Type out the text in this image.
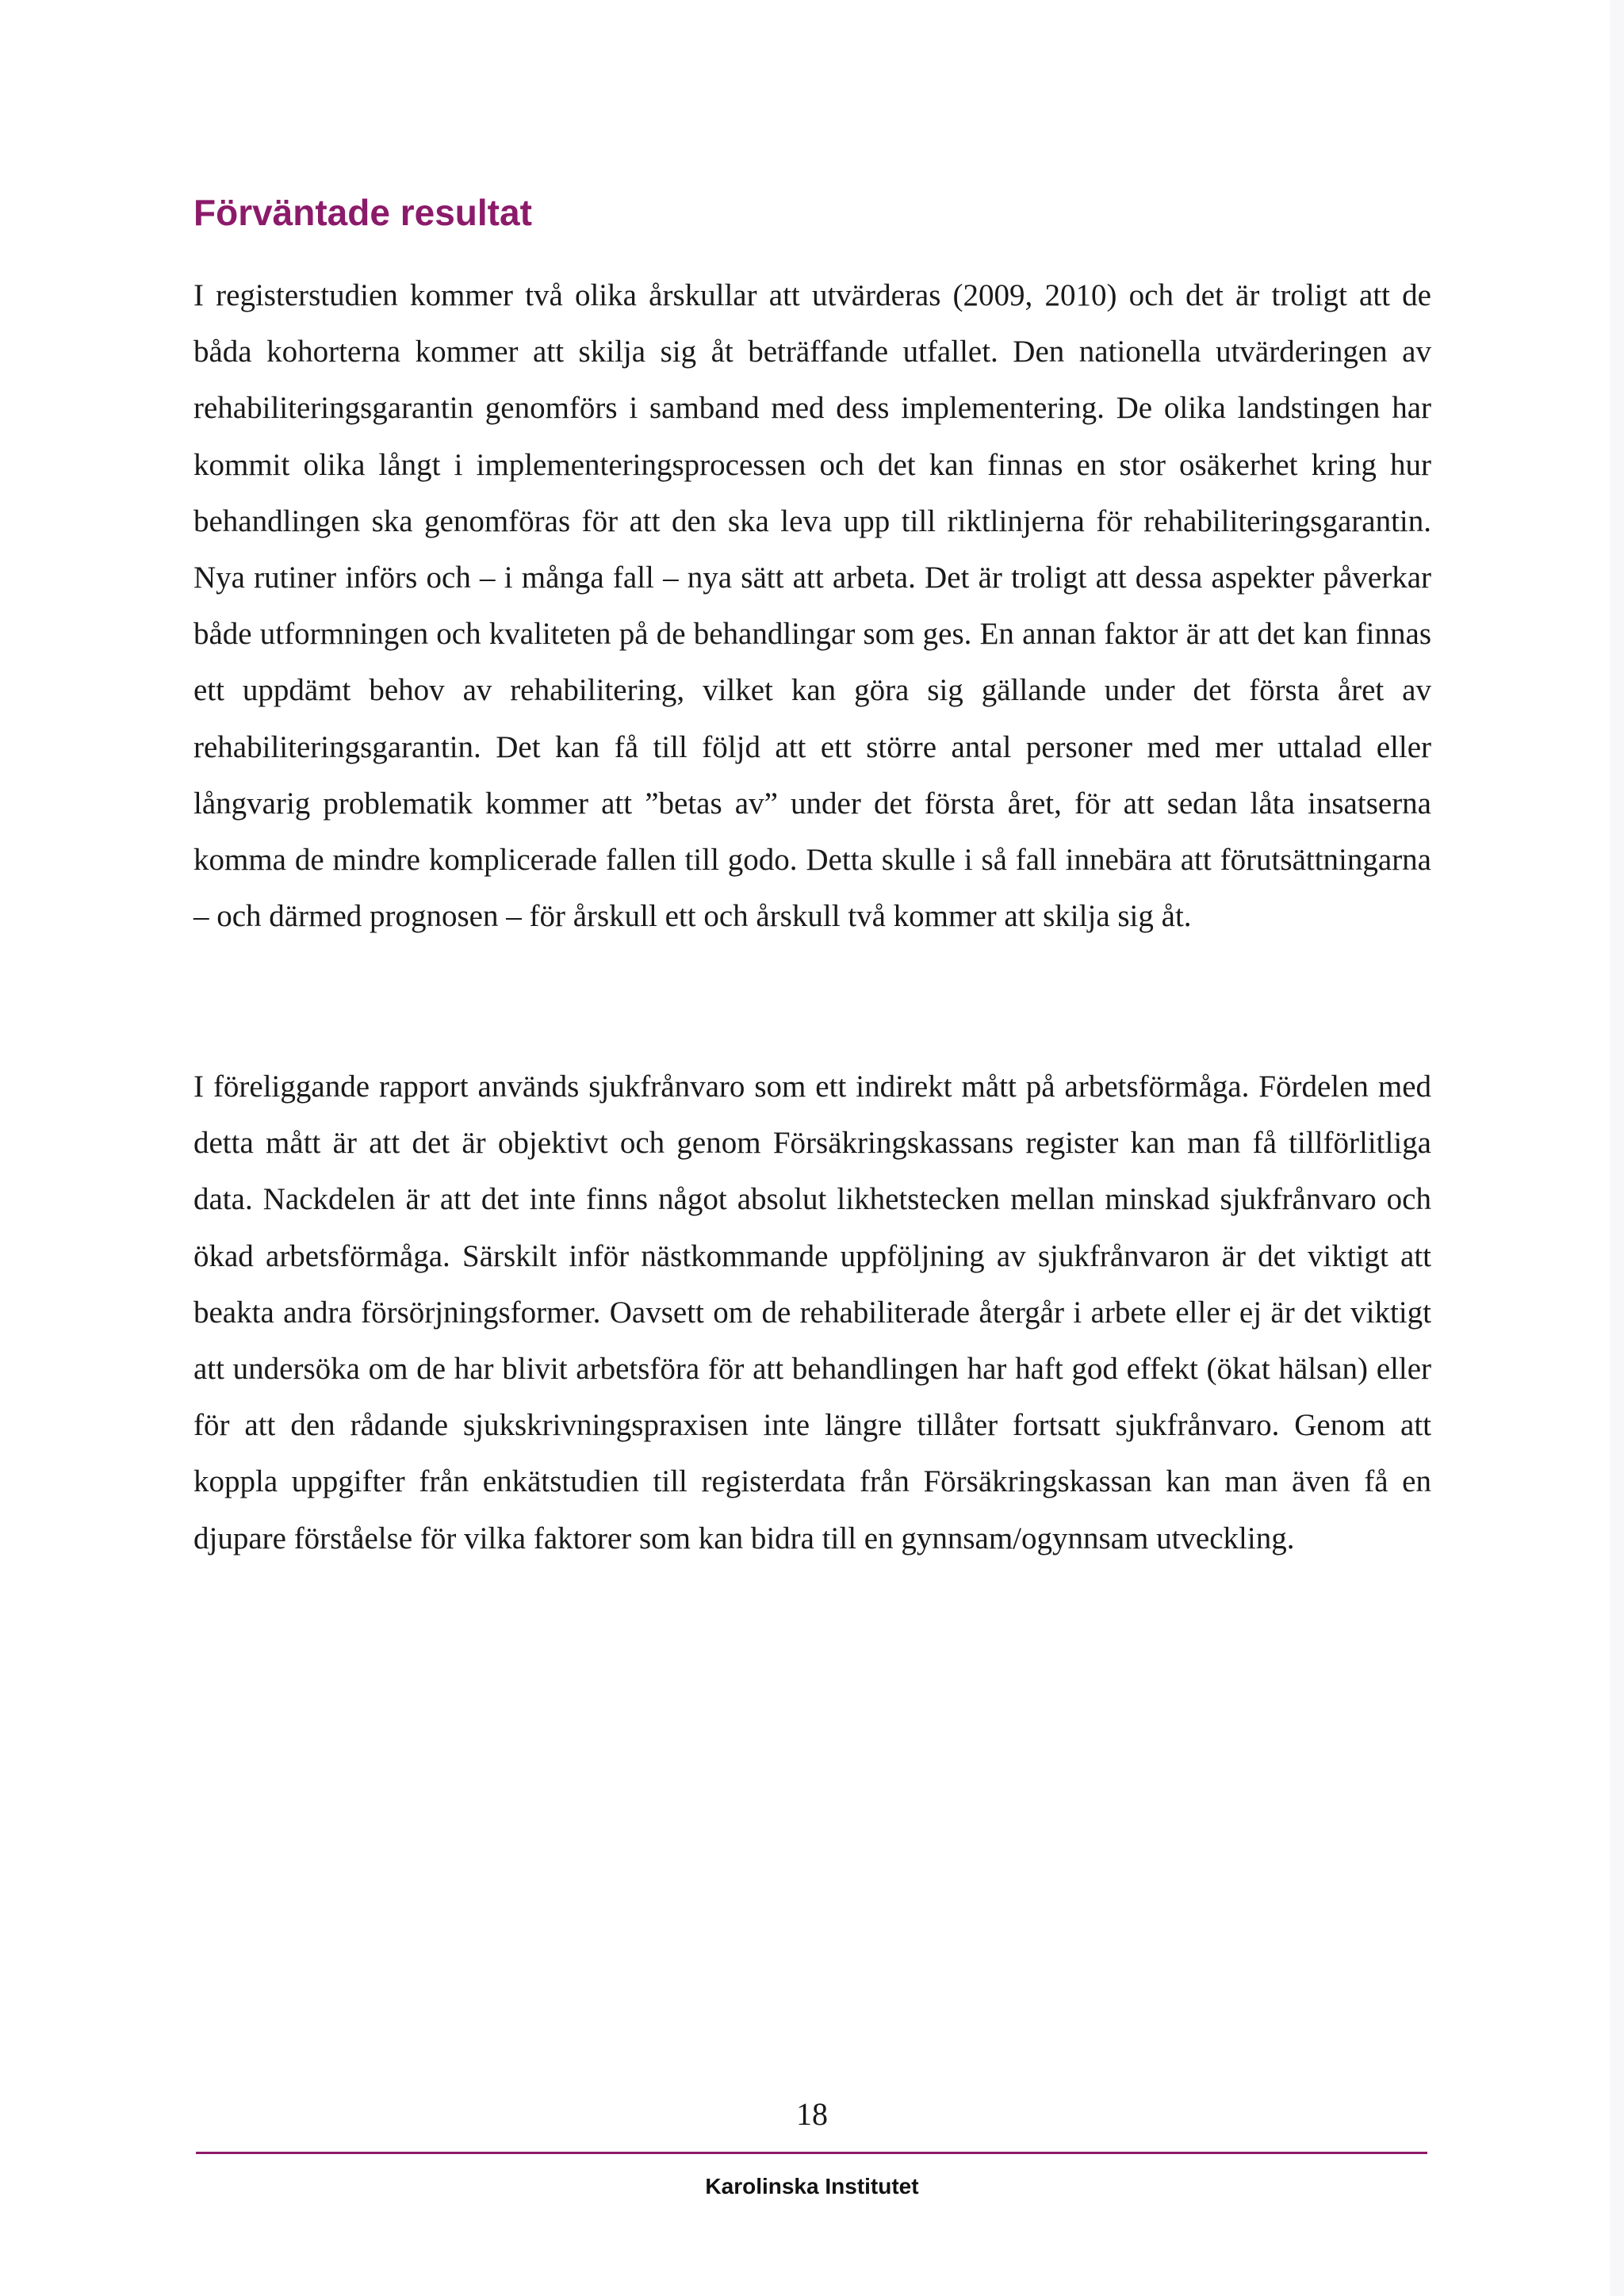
Förväntade resultat

I registerstudien kommer två olika årskullar att utvärderas (2009, 2010) och det är troligt att de båda kohorterna kommer att skilja sig åt beträffande utfallet. Den nationella utvärderingen av rehabiliteringsgarantin genomförs i samband med dess implementering. De olika landstingen har kommit olika långt i implementeringsprocessen och det kan finnas en stor osäkerhet kring hur behandlingen ska genomföras för att den ska leva upp till riktlinjerna för rehabiliteringsgarantin. Nya rutiner införs och – i många fall – nya sätt att arbeta. Det är troligt att dessa aspekter påverkar både utformningen och kvaliteten på de behandlingar som ges. En annan faktor är att det kan finnas ett uppdämt behov av rehabilitering, vilket kan göra sig gällande under det första året av rehabiliteringsgarantin. Det kan få till följd att ett större antal personer med mer uttalad eller långvarig problematik kommer att ”betas av” under det första året, för att sedan låta insatserna komma de mindre komplicerade fallen till godo. Detta skulle i så fall innebära att förutsättningarna – och därmed prognosen – för årskull ett och årskull två kommer att skilja sig åt.

I föreliggande rapport används sjukfrånvaro som ett indirekt mått på arbetsförmåga. Fördelen med detta mått är att det är objektivt och genom Försäkringskassans register kan man få tillförlitliga data. Nackdelen är att det inte finns något absolut likhetstecken mellan minskad sjukfrånvaro och ökad arbetsförmåga. Särskilt inför nästkommande uppföljning av sjukfrånvaron är det viktigt att beakta andra försörjningsformer. Oavsett om de rehabiliterade återgår i arbete eller ej är det viktigt att undersöka om de har blivit arbetsföra för att behandlingen har haft god effekt (ökat hälsan) eller för att den rådande sjukskrivningspraxisen inte längre tillåter fortsatt sjukfrånvaro. Genom att koppla uppgifter från enkätstudien till registerdata från Försäkringskassan kan man även få en djupare förståelse för vilka faktorer som kan bidra till en gynnsam/ogynnsam utveckling.

18
Karolinska Institutet
